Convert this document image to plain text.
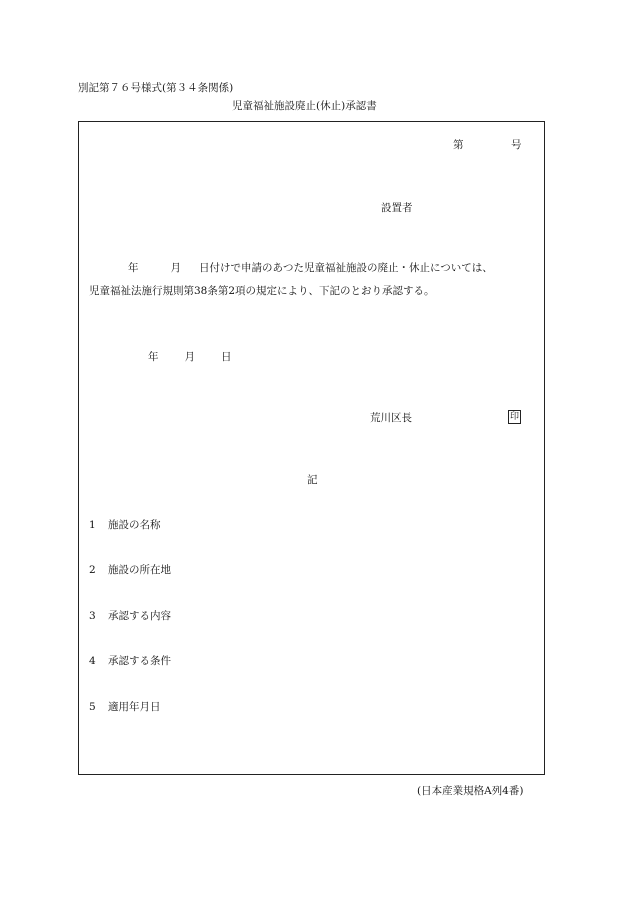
別記第７６号様式(第３４条関係)
児童福祉施設廃止(休止)承認書
第	号
設置者
年	月 日付けで申請のあつた児童福祉施設の廃止・休止については、
児童福祉法施行規則第38条第2項の規定により、下記のとおり承認する。
年 月 日
荒川区長	印
記
1 施設の名称
2 施設の所在地
3 承認する内容
4 承認する条件
5 適用年月日
(日本産業規格A列4番)
